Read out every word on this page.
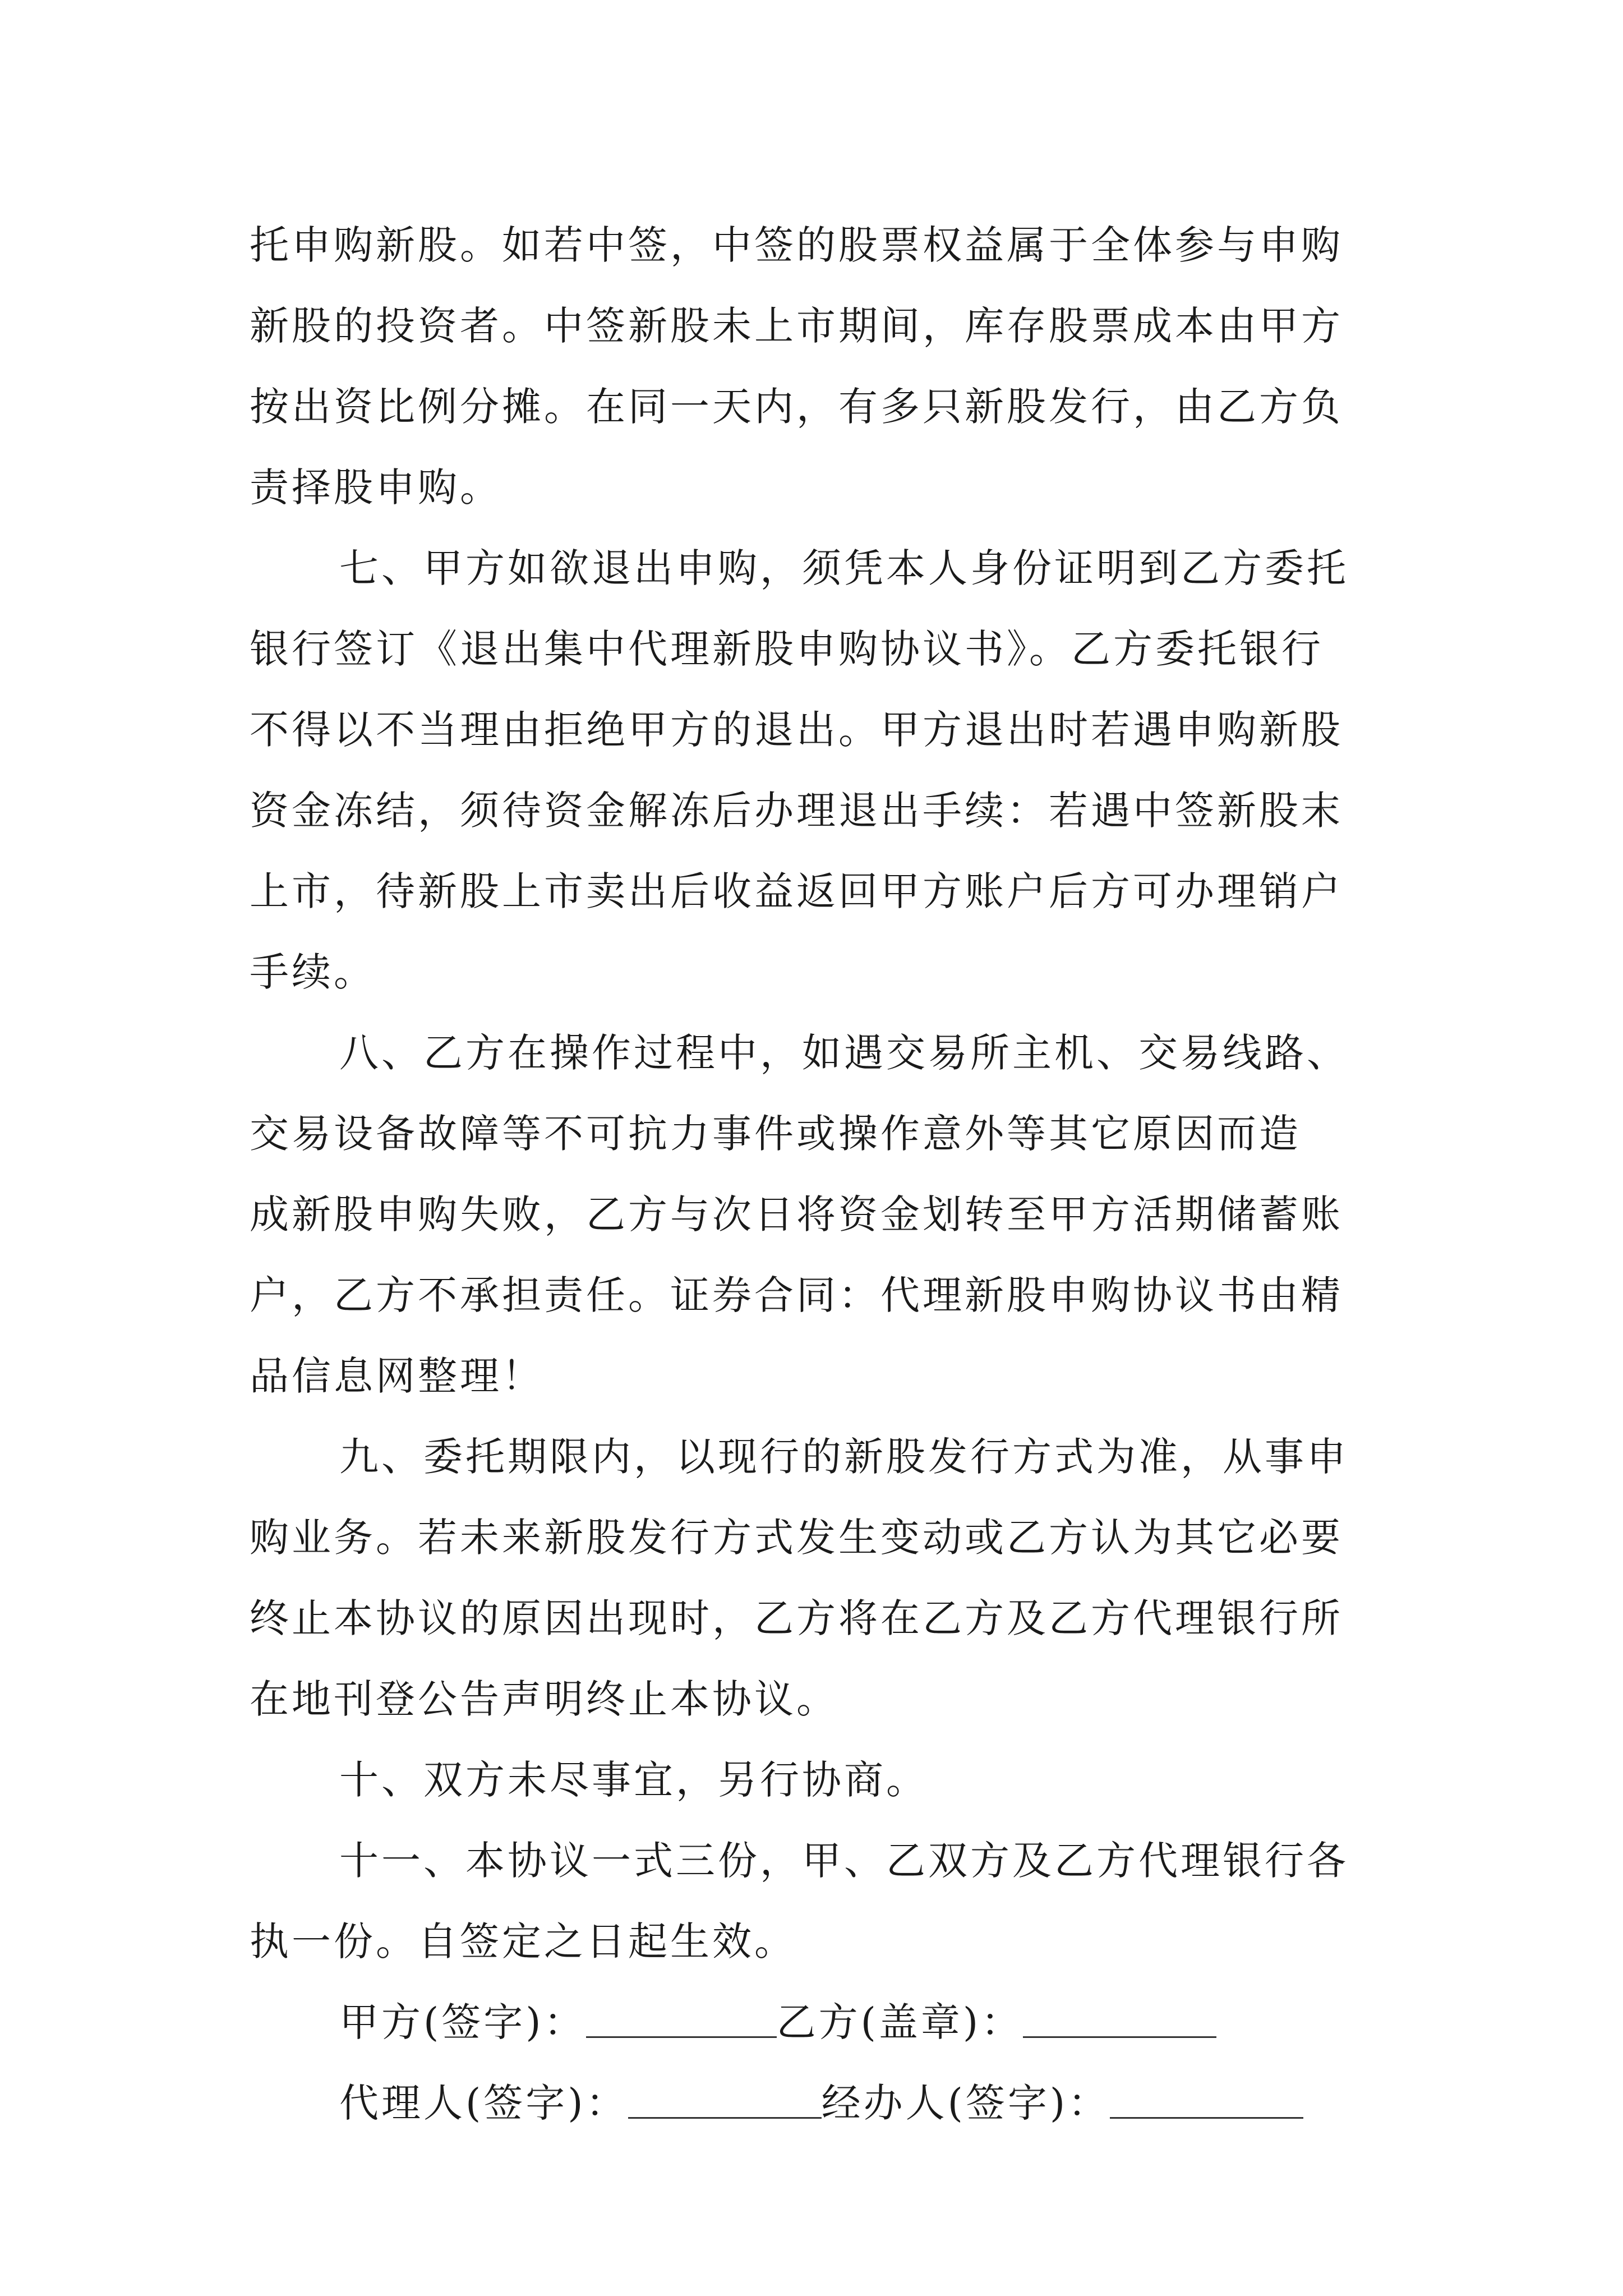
托申购新股。如若中签，中签的股票权益属于全体参与申购
新股的投资者。中签新股未上市期间，库存股票成本由甲方
按出资比例分摊。在同一天内，有多只新股发行，由乙方负
责择股申购。
七、甲方如欲退出申购，须凭本人身份证明到乙方委托
银行签订《退出集中代理新股申购协议书》。乙方委托银行
不得以不当理由拒绝甲方的退出。甲方退出时若遇申购新股
资金冻结，须待资金解冻后办理退出手续：若遇中签新股末
上市，待新股上市卖出后收益返回甲方账户后方可办理销户
手续。
八、乙方在操作过程中，如遇交易所主机、交易线路、
交易设备故障等不可抗力事件或操作意外等其它原因而造
成新股申购失败，乙方与次日将资金划转至甲方活期储蓄账
户，乙方不承担责任。证券合同：代理新股申购协议书由精
品信息网整理！
九、委托期限内，以现行的新股发行方式为准，从事申
购业务。若未来新股发行方式发生变动或乙方认为其它必要
终止本协议的原因出现时，乙方将在乙方及乙方代理银行所
在地刊登公告声明终止本协议。
十、双方未尽事宜，另行协商。
十一、本协议一式三份，甲、乙双方及乙方代理银行各
执一份。自签定之日起生效。
甲方(签字)：	乙方(盖章)：
代理人(签字)：	经办人(签字)：
